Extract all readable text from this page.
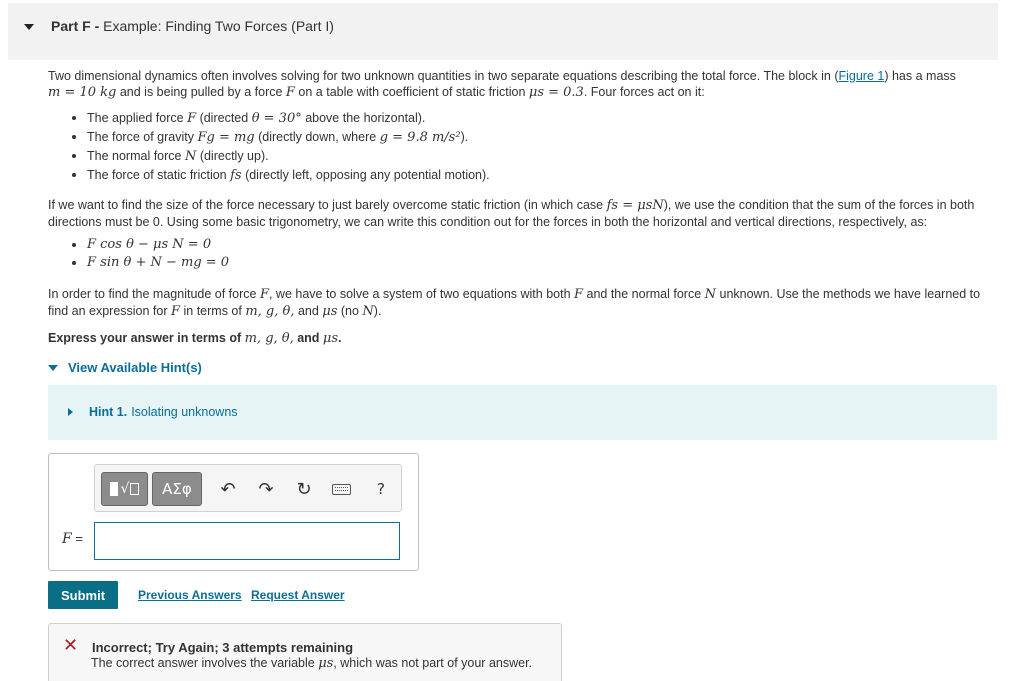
Part F - Example: Finding Two Forces (Part I)

Two dimensional dynamics often involves solving for two unknown quantities in two separate equations describing the total force. The block in (Figure 1) has a mass
m = 10 kg and is being pulled by a force F on a table with coefficient of static friction μs = 0.3. Four forces act on it:

The applied force F (directed θ = 30° above the horizontal).
The force of gravity Fg = mg (directly down, where g = 9.8 m/s²).
The normal force N (directly up).
The force of static friction fs (directly left, opposing any potential motion).

If we want to find the size of the force necessary to just barely overcome static friction (in which case fs = μsN), we use the condition that the sum of the forces in both directions must be 0. Using some basic trigonometry, we can write this condition out for the forces in both the horizontal and vertical directions, respectively, as:

F cos θ − μs N = 0
F sin θ + N − mg = 0

In order to find the magnitude of force F, we have to solve a system of two equations with both F and the normal force N unknown. Use the methods we have learned to find an expression for F in terms of m, g, θ, and μs (no N).

Express your answer in terms of m, g, θ, and μs.

View Available Hint(s)
Hint 1. Isolating unknowns
√	ΑΣφ	↶ ↷ ↻	?
F =
Submit	Previous Answers Request Answer
✕ Incorrect; Try Again; 3 attempts remaining
The correct answer involves the variable μs, which was not part of your answer.
